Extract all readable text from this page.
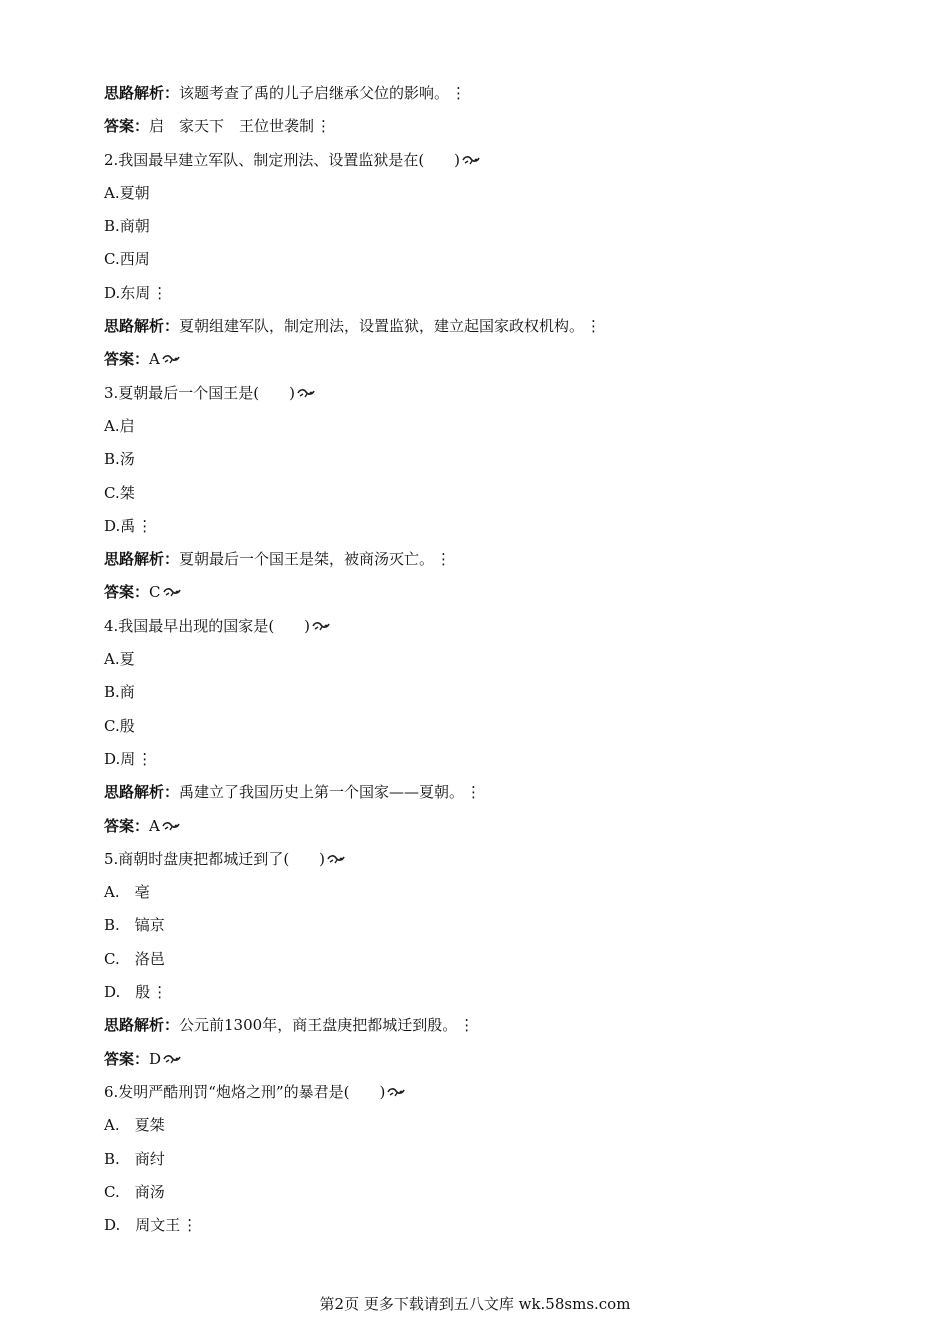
思路解析：该题考查了禹的儿子启继承父位的影响。 ⋮
答案：启　家天下　王位世袭制 ⋮
2.我国最早建立军队、制定刑法、设置监狱是在(　　)
A.夏朝
B.商朝
C.西周
D.东周 ⋮
思路解析：夏朝组建军队，制定刑法，设置监狱，建立起国家政权机构。 ⋮
答案：A
3.夏朝最后一个国王是(　　)
A.启
B.汤
C.桀
D.禹 ⋮
思路解析：夏朝最后一个国王是桀，被商汤灭亡。 ⋮
答案：C
4.我国最早出现的国家是(　　)
A.夏
B.商
C.殷
D.周 ⋮
思路解析：禹建立了我国历史上第一个国家——夏朝。 ⋮
答案：A
5.商朝时盘庚把都城迁到了(　　)
A.　亳
B.　镐京
C.　洛邑
D.　殷 ⋮
思路解析：公元前1300年，商王盘庚把都城迁到殷。 ⋮
答案：D
6.发明严酷刑罚“炮烙之刑”的暴君是(　　)
A.　夏桀
B.　商纣
C.　商汤
D.　周文王 ⋮
第2页 更多下载请到五八文库 wk.58sms.com
